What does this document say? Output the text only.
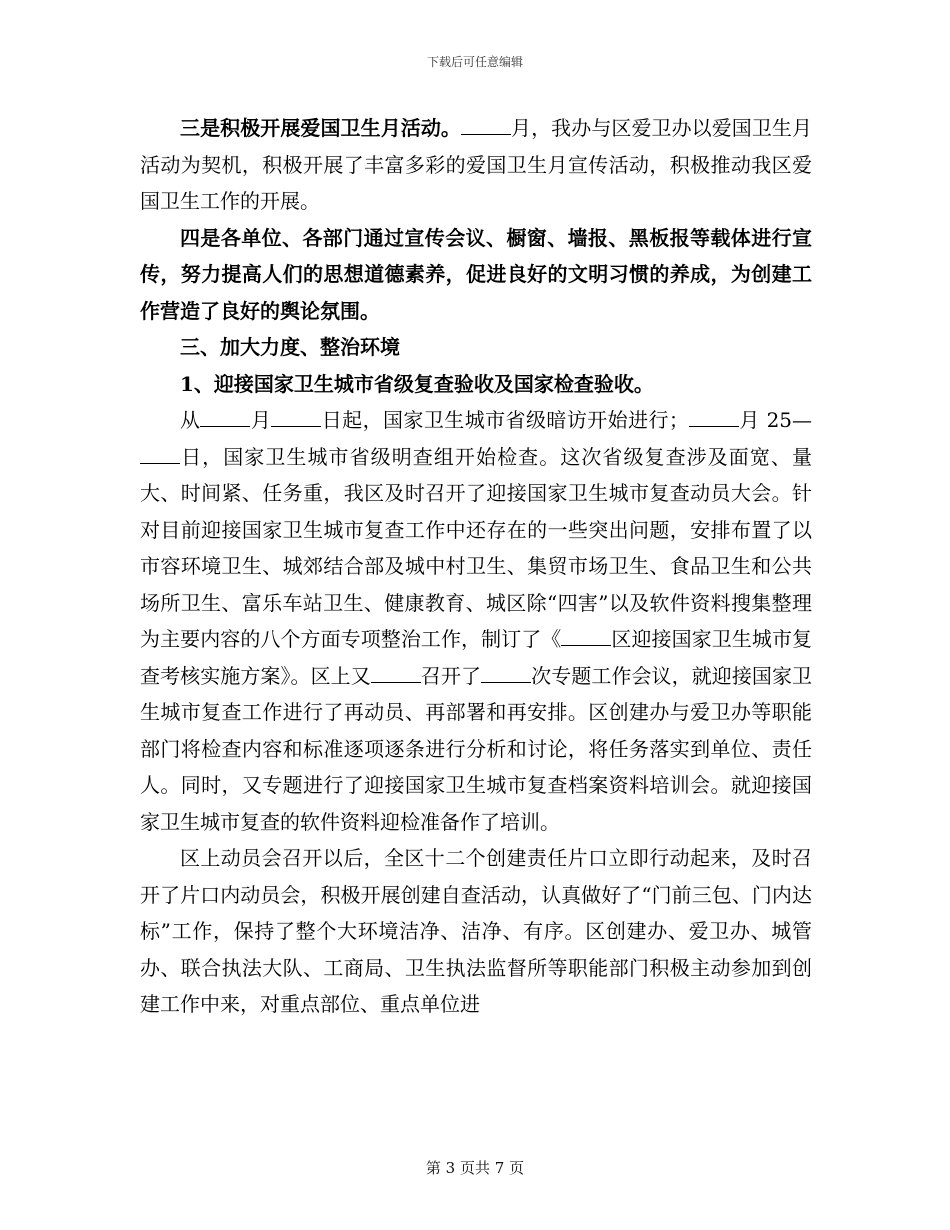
下载后可任意编辑

三是积极开展爱国卫生月活动。	月，我办与区爱卫办以爱国卫生月活动为契机，积极开展了丰富多彩的爱国卫生月宣传活动，积极推动我区爱国卫生工作的开展。

四是各单位、各部门通过宣传会议、橱窗、墙报、黑板报等载体进行宣传，努力提高人们的思想道德素养，促进良好的文明习惯的养成，为创建工作营造了良好的舆论氛围。

三、加大力度、整治环境

1、迎接国家卫生城市省级复查验收及国家检查验收。

从	月	日起，国家卫生城市省级暗访开始进行；	月 25—日，国家卫生城市省级明查组开始检查。这次省级复查涉及面宽、量大、时间紧、任务重，我区及时召开了迎接国家卫生城市复查动员大会。针对目前迎接国家卫生城市复查工作中还存在的一些突出问题，安排布置了以市容环境卫生、城郊结合部及城中村卫生、集贸市场卫生、食品卫生和公共场所卫生、富乐车站卫生、健康教育、城区除“四害”以及软件资料搜集整理为主要内容的八个方面专项整治工作，制订了《	区迎接国家卫生城市复查考核实施方案》。区上又	召开了	次专题工作会议，就迎接国家卫生城市复查工作进行了再动员、再部署和再安排。区创建办与爱卫办等职能部门将检查内容和标准逐项逐条进行分析和讨论，将任务落实到单位、责任人。同时，又专题进行了迎接国家卫生城市复查档案资料培训会。就迎接国家卫生城市复查的软件资料迎检准备作了培训。

区上动员会召开以后，全区十二个创建责任片口立即行动起来，及时召开了片口内动员会，积极开展创建自查活动，认真做好了“门前三包、门内达标”工作，保持了整个大环境洁净、洁净、有序。区创建办、爱卫办、城管办、联合执法大队、工商局、卫生执法监督所等职能部门积极主动参加到创建工作中来，对重点部位、重点单位进

第 3 页共 7 页
